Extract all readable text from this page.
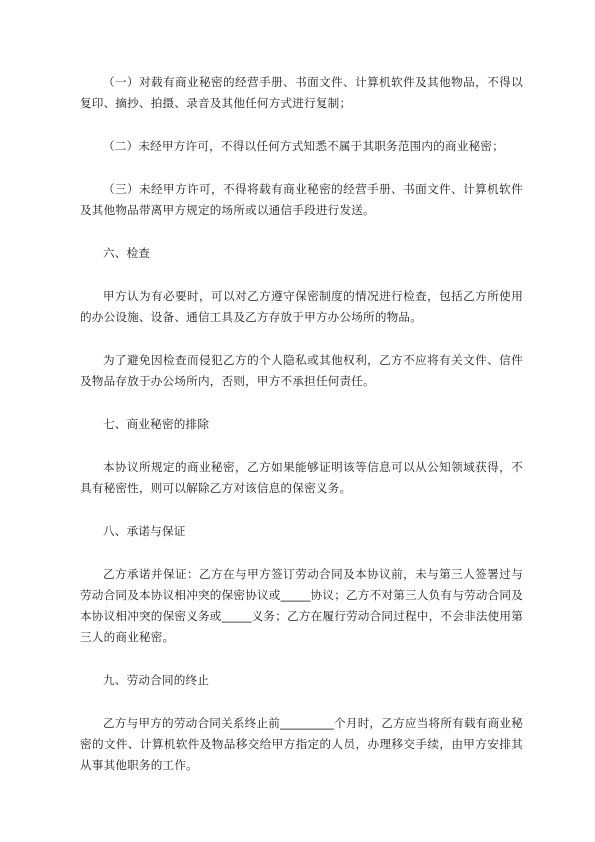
（一）对载有商业秘密的经营手册、书面文件、计算机软件及其他物品，不得以复印、摘抄、拍摄、录音及其他任何方式进行复制；

（二）未经甲方许可，不得以任何方式知悉不属于其职务范围内的商业秘密；

（三）未经甲方许可，不得将载有商业秘密的经营手册、书面文件、计算机软件及其他物品带离甲方规定的场所或以通信手段进行发送。

六、检查

甲方认为有必要时，可以对乙方遵守保密制度的情况进行检查，包括乙方所使用的办公设施、设备、通信工具及乙方存放于甲方办公场所的物品。

为了避免因检查而侵犯乙方的个人隐私或其他权利，乙方不应将有关文件、信件及物品存放于办公场所内，否则，甲方不承担任何责任。

七、商业秘密的排除

本协议所规定的商业秘密，乙方如果能够证明该等信息可以从公知领域获得，不具有秘密性，则可以解除乙方对该信息的保密义务。

八、承诺与保证

乙方承诺并保证：乙方在与甲方签订劳动合同及本协议前，未与第三人签署过与劳动合同及本协议相冲突的保密协议或_____协议；乙方不对第三人负有与劳动合同及本协议相冲突的保密义务或_____义务；乙方在履行劳动合同过程中，不会非法使用第三人的商业秘密。

九、劳动合同的终止

乙方与甲方的劳动合同关系终止前_________个月时，乙方应当将所有载有商业秘密的文件、计算机软件及物品移交给甲方指定的人员，办理移交手续，由甲方安排其从事其他职务的工作。
